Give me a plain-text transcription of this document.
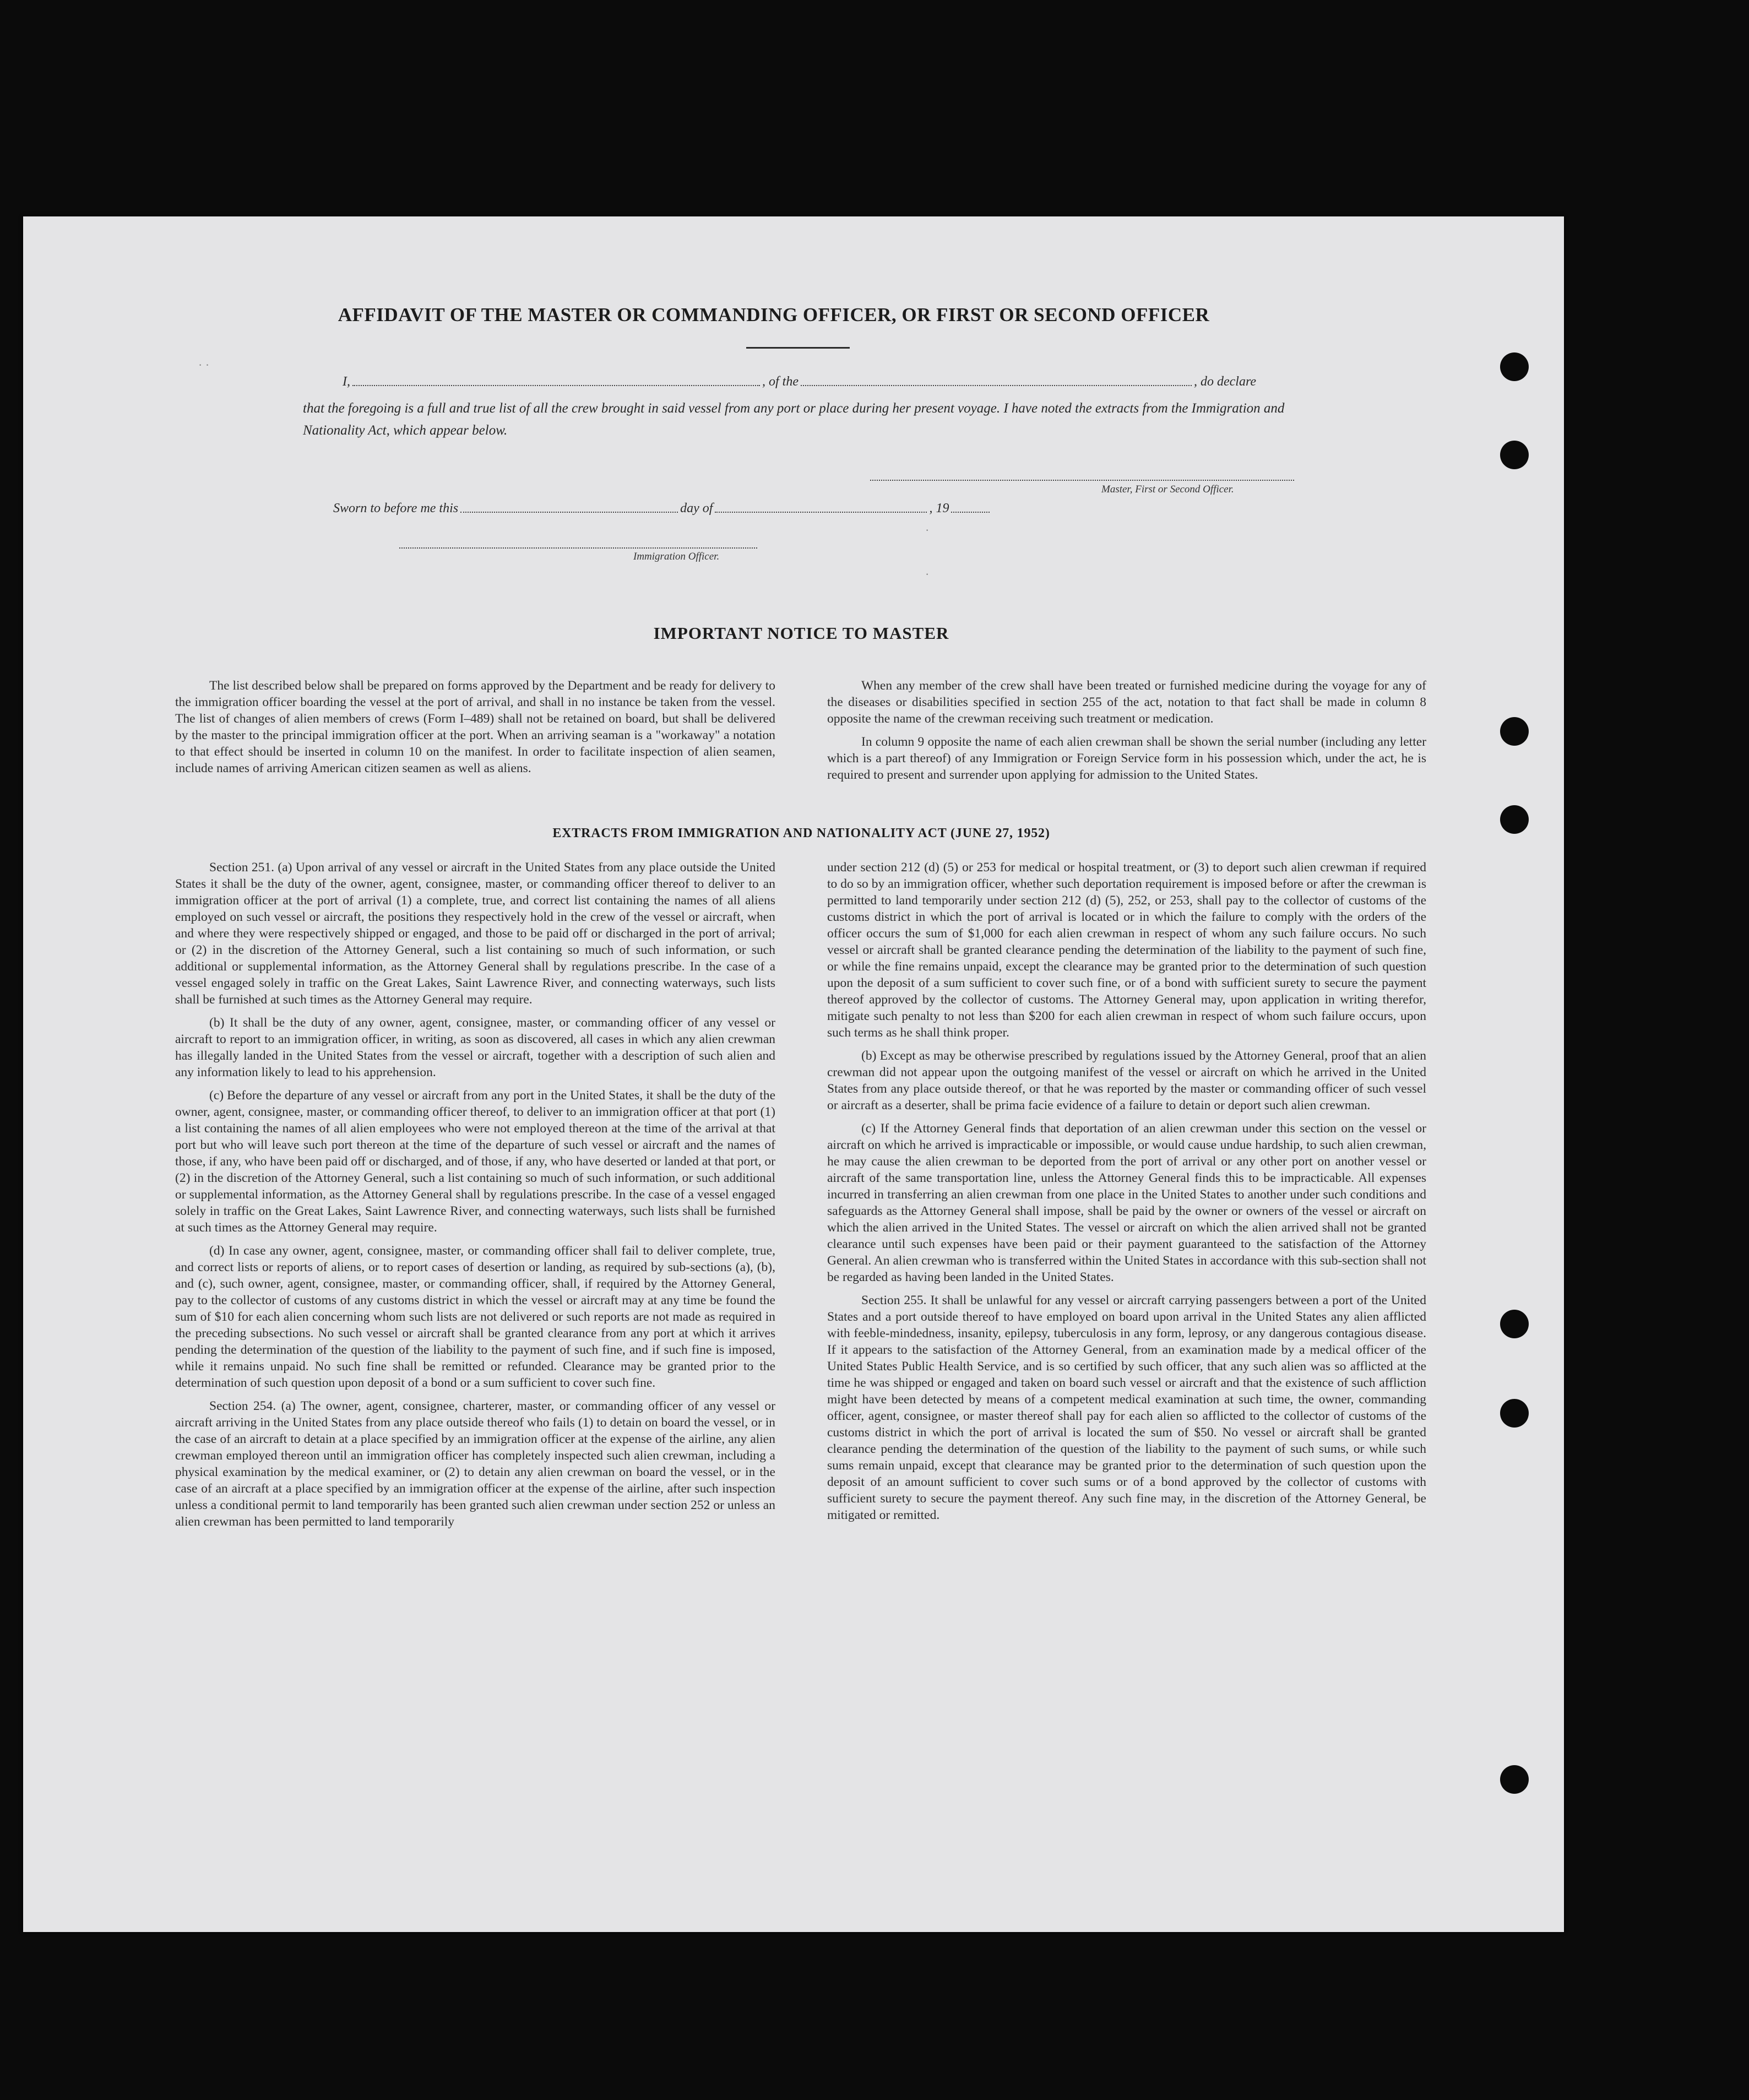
AFFIDAVIT OF THE MASTER OR COMMANDING OFFICER, OR FIRST OR SECOND OFFICER
I,	, of the	, do declare
that the foregoing is a full and true list of all the crew brought in said vessel from any port or place during her present voyage. I have noted the extracts from the Immigration and Nationality Act, which appear below.
Master, First or Second Officer.
Sworn to before me this	day of	, 19
Immigration Officer.
· ·
·
·
IMPORTANT NOTICE TO MASTER

The list described below shall be prepared on forms approved by the Department and be ready for delivery to the immigration officer boarding the vessel at the port of arrival, and shall in no instance be taken from the vessel. The list of changes of alien members of crews (Form I–489) shall not be retained on board, but shall be delivered by the master to the principal immigration officer at the port. When an arriving seaman is a "workaway" a notation to that effect should be inserted in column 10 on the manifest. In order to facilitate inspection of alien seamen, include names of arriving American citizen seamen as well as aliens.

When any member of the crew shall have been treated or furnished medicine during the voyage for any of the diseases or disabilities specified in section 255 of the act, notation to that fact shall be made in column 8 opposite the name of the crewman receiving such treatment or medication.

In column 9 opposite the name of each alien crewman shall be shown the serial number (including any letter which is a part thereof) of any Immigration or Foreign Service form in his possession which, under the act, he is required to present and surrender upon applying for admission to the United States.

EXTRACTS FROM IMMIGRATION AND NATIONALITY ACT (JUNE 27, 1952)

Section 251. (a) Upon arrival of any vessel or aircraft in the United States from any place outside the United States it shall be the duty of the owner, agent, consignee, master, or commanding officer thereof to deliver to an immigration officer at the port of arrival (1) a complete, true, and correct list containing the names of all aliens employed on such vessel or aircraft, the positions they respectively hold in the crew of the vessel or aircraft, when and where they were respectively shipped or engaged, and those to be paid off or discharged in the port of arrival; or (2) in the discretion of the Attorney General, such a list containing so much of such information, or such additional or supplemental information, as the Attorney General shall by regulations prescribe. In the case of a vessel engaged solely in traffic on the Great Lakes, Saint Lawrence River, and connecting waterways, such lists shall be furnished at such times as the Attorney General may require.

(b) It shall be the duty of any owner, agent, consignee, master, or commanding officer of any vessel or aircraft to report to an immigration officer, in writing, as soon as discovered, all cases in which any alien crewman has illegally landed in the United States from the vessel or aircraft, together with a description of such alien and any information likely to lead to his apprehension.

(c) Before the departure of any vessel or aircraft from any port in the United States, it shall be the duty of the owner, agent, consignee, master, or commanding officer thereof, to deliver to an immigration officer at that port (1) a list containing the names of all alien employees who were not employed thereon at the time of the arrival at that port but who will leave such port thereon at the time of the departure of such vessel or aircraft and the names of those, if any, who have been paid off or discharged, and of those, if any, who have deserted or landed at that port, or (2) in the discretion of the Attorney General, such a list containing so much of such information, or such additional or supplemental information, as the Attorney General shall by regulations prescribe. In the case of a vessel engaged solely in traffic on the Great Lakes, Saint Lawrence River, and connecting waterways, such lists shall be furnished at such times as the Attorney General may require.

(d) In case any owner, agent, consignee, master, or commanding officer shall fail to deliver complete, true, and correct lists or reports of aliens, or to report cases of desertion or landing, as required by sub-sections (a), (b), and (c), such owner, agent, consignee, master, or commanding officer, shall, if required by the Attorney General, pay to the collector of customs of any customs district in which the vessel or aircraft may at any time be found the sum of $10 for each alien concerning whom such lists are not delivered or such reports are not made as required in the preceding subsections. No such vessel or aircraft shall be granted clearance from any port at which it arrives pending the determination of the question of the liability to the payment of such fine, and if such fine is imposed, while it remains unpaid. No such fine shall be remitted or refunded. Clearance may be granted prior to the determination of such question upon deposit of a bond or a sum sufficient to cover such fine.

Section 254. (a) The owner, agent, consignee, charterer, master, or commanding officer of any vessel or aircraft arriving in the United States from any place outside thereof who fails (1) to detain on board the vessel, or in the case of an aircraft to detain at a place specified by an immigration officer at the expense of the airline, any alien crewman employed thereon until an immigration officer has completely inspected such alien crewman, including a physical examination by the medical examiner, or (2) to detain any alien crewman on board the vessel, or in the case of an aircraft at a place specified by an immigration officer at the expense of the airline, after such inspection unless a conditional permit to land temporarily has been granted such alien crewman under section 252 or unless an alien crewman has been permitted to land temporarily

under section 212 (d) (5) or 253 for medical or hospital treatment, or (3) to deport such alien crewman if required to do so by an immigration officer, whether such deportation requirement is imposed before or after the crewman is permitted to land temporarily under section 212 (d) (5), 252, or 253, shall pay to the collector of customs of the customs district in which the port of arrival is located or in which the failure to comply with the orders of the officer occurs the sum of $1,000 for each alien crewman in respect of whom any such failure occurs. No such vessel or aircraft shall be granted clearance pending the determination of the liability to the payment of such fine, or while the fine remains unpaid, except the clearance may be granted prior to the determination of such question upon the deposit of a sum sufficient to cover such fine, or of a bond with sufficient surety to secure the payment thereof approved by the collector of customs. The Attorney General may, upon application in writing therefor, mitigate such penalty to not less than $200 for each alien crewman in respect of whom such failure occurs, upon such terms as he shall think proper.

(b) Except as may be otherwise prescribed by regulations issued by the Attorney General, proof that an alien crewman did not appear upon the outgoing manifest of the vessel or aircraft on which he arrived in the United States from any place outside thereof, or that he was reported by the master or commanding officer of such vessel or aircraft as a deserter, shall be prima facie evidence of a failure to detain or deport such alien crewman.

(c) If the Attorney General finds that deportation of an alien crewman under this section on the vessel or aircraft on which he arrived is impracticable or impossible, or would cause undue hardship, to such alien crewman, he may cause the alien crewman to be deported from the port of arrival or any other port on another vessel or aircraft of the same transportation line, unless the Attorney General finds this to be impracticable. All expenses incurred in transferring an alien crewman from one place in the United States to another under such conditions and safeguards as the Attorney General shall impose, shall be paid by the owner or owners of the vessel or aircraft on which the alien arrived in the United States. The vessel or aircraft on which the alien arrived shall not be granted clearance until such expenses have been paid or their payment guaranteed to the satisfaction of the Attorney General. An alien crewman who is transferred within the United States in accordance with this sub-section shall not be regarded as having been landed in the United States.

Section 255. It shall be unlawful for any vessel or aircraft carrying passengers between a port of the United States and a port outside thereof to have employed on board upon arrival in the United States any alien afflicted with feeble-mindedness, insanity, epilepsy, tuberculosis in any form, leprosy, or any dangerous contagious disease. If it appears to the satisfaction of the Attorney General, from an examination made by a medical officer of the United States Public Health Service, and is so certified by such officer, that any such alien was so afflicted at the time he was shipped or engaged and taken on board such vessel or aircraft and that the existence of such affliction might have been detected by means of a competent medical examination at such time, the owner, commanding officer, agent, consignee, or master thereof shall pay for each alien so afflicted to the collector of customs of the customs district in which the port of arrival is located the sum of $50. No vessel or aircraft shall be granted clearance pending the determination of the question of the liability to the payment of such sums, or while such sums remain unpaid, except that clearance may be granted prior to the determination of such question upon the deposit of an amount sufficient to cover such sums or of a bond approved by the collector of customs with sufficient surety to secure the payment thereof. Any such fine may, in the discretion of the Attorney General, be mitigated or remitted.
